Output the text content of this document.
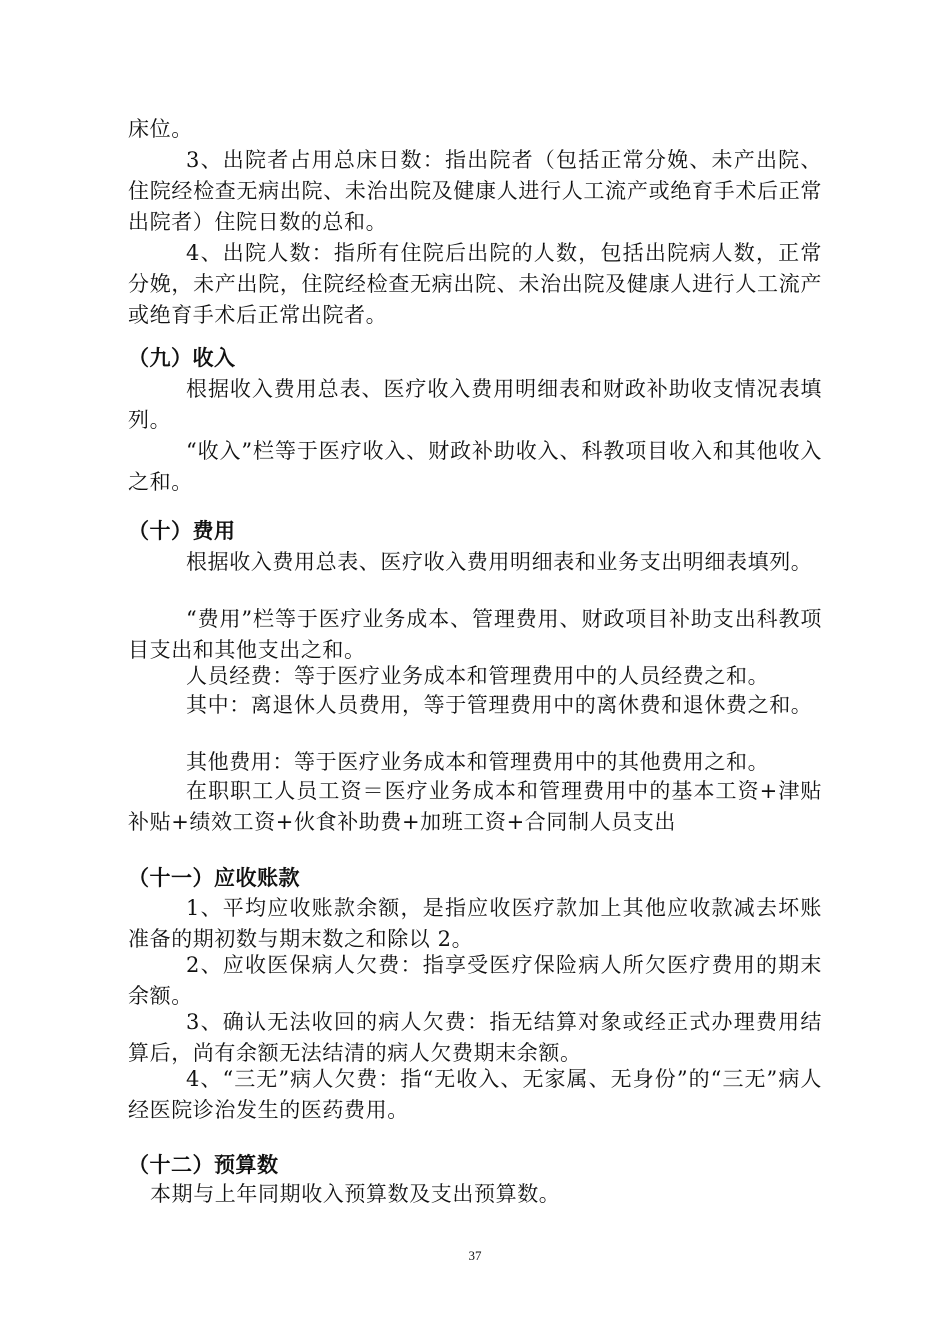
床位。

3、出院者占用总床日数：指出院者（包括正常分娩、未产出院、住院经检查无病出院、未治出院及健康人进行人工流产或绝育手术后正常出院者）住院日数的总和。

4、出院人数：指所有住院后出院的人数，包括出院病人数，正常分娩，未产出院，住院经检查无病出院、未治出院及健康人进行人工流产或绝育手术后正常出院者。

（九）收入

根据收入费用总表、医疗收入费用明细表和财政补助收支情况表填列。

“收入”栏等于医疗收入、财政补助收入、科教项目收入和其他收入之和。

（十）费用

根据收入费用总表、医疗收入费用明细表和业务支出明细表填列。

“费用”栏等于医疗业务成本、管理费用、财政项目补助支出科教项目支出和其他支出之和。

人员经费：等于医疗业务成本和管理费用中的人员经费之和。

其中：离退休人员费用，等于管理费用中的离休费和退休费之和。

其他费用：等于医疗业务成本和管理费用中的其他费用之和。

在职职工人员工资＝医疗业务成本和管理费用中的基本工资+津贴补贴+绩效工资+伙食补助费+加班工资+合同制人员支出

（十一）应收账款

1、平均应收账款余额，是指应收医疗款加上其他应收款减去坏账准备的期初数与期末数之和除以 2。

2、应收医保病人欠费：指享受医疗保险病人所欠医疗费用的期末余额。

3、确认无法收回的病人欠费：指无结算对象或经正式办理费用结算后，尚有余额无法结清的病人欠费期末余额。

4、“三无”病人欠费：指“无收入、无家属、无身份”的“三无”病人经医院诊治发生的医药费用。

（十二）预算数

本期与上年同期收入预算数及支出预算数。

37
